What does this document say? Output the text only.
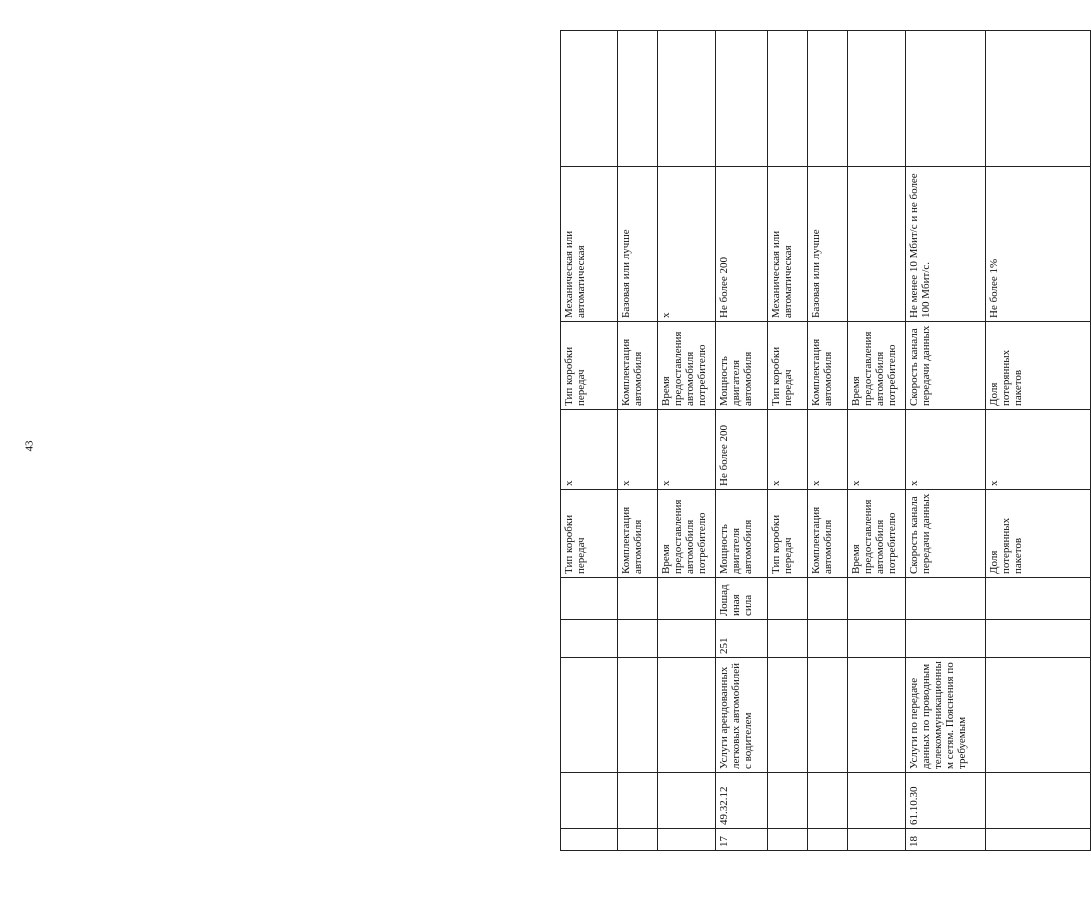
43
					Тип коробки передач	х	Тип коробки передач	Механическая или автоматическая	
					Комплектация автомобиля	х	Комплектация автомобиля	Базовая или лучше	
					Время предоставления автомобиля потребителю	х	Время предоставления автомобиля потребителю	х	
17	49.32.12	Услуги арендованных легковых автомобилей с водителем	251	Лошадиная сила	Мощность двигателя автомобиля	Не более 200	Мощность двигателя автомобиля	Не более 200	
					Тип коробки передач	х	Тип коробки передач	Механическая или автоматическая	
					Комплектация автомобиля	х	Комплектация автомобиля	Базовая или лучше	
					Время предоставления автомобиля потребителю	х	Время предоставления автомобиля потребителю		
18	61.10.30	Услуги по передаче данных по проводным телекоммуникационным сетям. Пояснения по требуемым			Скорость канала передачи данных	х	Скорость канала передачи данных	Не менее 10 Мбит/с и не более 100 Мбит/с.	
					Доля потерянных пакетов	х	Доля потерянных пакетов	Не более 1%	
